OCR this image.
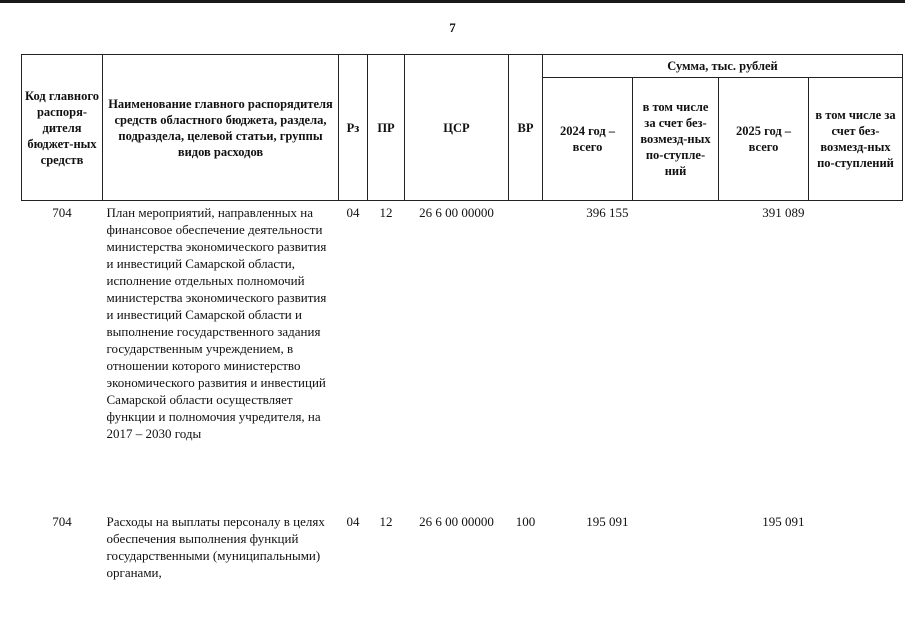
7
Код главного распоря-дителя бюджет-ных средств	Наименование главного распорядителя средств областного бюджета, раздела, подраздела, целевой статьи, группы видов расходов	Рз	ПР	ЦСР	ВР	Сумма, тыс. рублей			
						2024 год – всего	в том числе за счет без-возмезд-ных по-ступле-ний	2025 год – всего	в том числе за счет без-возмезд-ных по-ступлений
704	План мероприятий, направленных на финансовое обеспечение деятельности министерства экономического развития и инвестиций Самарской области, исполнение отдельных полномочий министерства экономического развития и инвестиций Самарской области и выполнение государственного задания государственным учреждением, в отношении которого министерство экономического развития и инвестиций Самарской области осуществляет функции и полномочия учредителя, на 2017 – 2030 годы	04	12	26 6 00 00000		396 155		391 089	
704	Расходы на выплаты персоналу в целях обеспечения выполнения функций государственными (муниципальными) органами,	04	12	26 6 00 00000	100	195 091		195 091	
